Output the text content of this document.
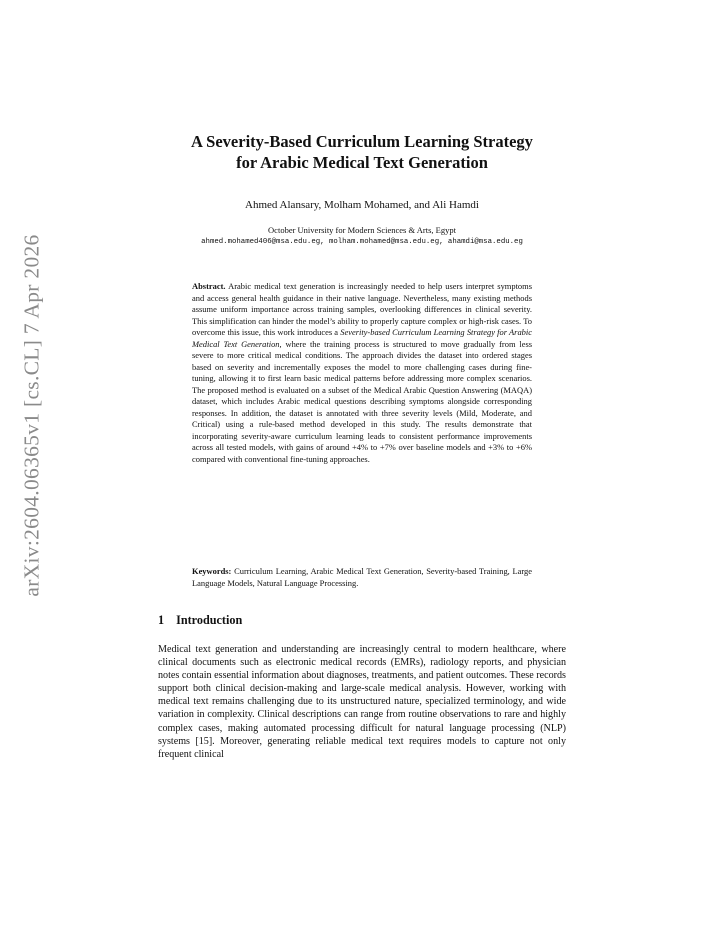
arXiv:2604.06365v1 [cs.CL] 7 Apr 2026
A Severity-Based Curriculum Learning Strategy
for Arabic Medical Text Generation
Ahmed Alansary, Molham Mohamed, and Ali Hamdi
October University for Modern Sciences & Arts, Egypt
ahmed.mohamed406@msa.edu.eg, molham.mohamed@msa.edu.eg, ahamdi@msa.edu.eg
Abstract. Arabic medical text generation is increasingly needed to help users interpret symptoms and access general health guidance in their native language. Nevertheless, many existing methods assume uniform importance across training samples, overlooking differences in clinical severity. This simplification can hinder the model’s ability to properly capture complex or high-risk cases. To overcome this issue, this work introduces a Severity-based Curriculum Learning Strategy for Arabic Medical Text Generation, where the training process is structured to move gradually from less severe to more critical medical conditions. The approach divides the dataset into ordered stages based on severity and incrementally exposes the model to more challenging cases during fine-tuning, allowing it to first learn basic medical patterns before addressing more complex scenarios. The proposed method is evaluated on a subset of the Medical Arabic Question Answering (MAQA) dataset, which includes Arabic medical questions describing symptoms alongside corresponding responses. In addition, the dataset is annotated with three severity levels (Mild, Moderate, and Critical) using a rule-based method developed in this study. The results demonstrate that incorporating severity-aware curriculum learning leads to consistent performance improvements across all tested models, with gains of around +4% to +7% over baseline models and +3% to +6% compared with conventional fine-tuning approaches.
Keywords: Curriculum Learning, Arabic Medical Text Generation, Severity-based Training, Large Language Models, Natural Language Processing.
1 Introduction
Medical text generation and understanding are increasingly central to modern healthcare, where clinical documents such as electronic medical records (EMRs), radiology reports, and physician notes contain essential information about diagnoses, treatments, and patient outcomes. These records support both clinical decision-making and large-scale medical analysis. However, working with medical text remains challenging due to its unstructured nature, specialized terminology, and wide variation in complexity. Clinical descriptions can range from routine observations to rare and highly complex cases, making automated processing difficult for natural language processing (NLP) systems [15]. Moreover, generating reliable medical text requires models to capture not only frequent clinical
